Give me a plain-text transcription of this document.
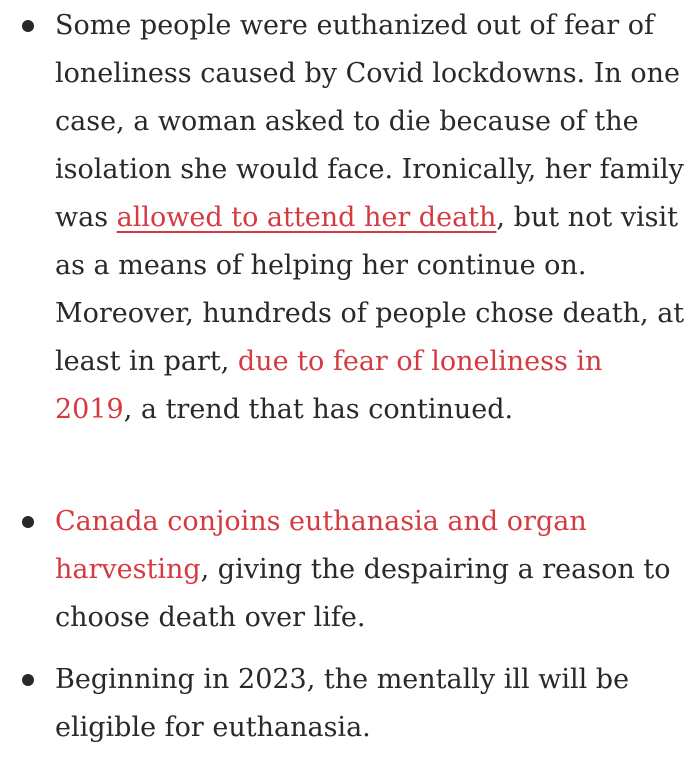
Some people were euthanized out of fear of loneliness caused by Covid lockdowns. In one case, a woman asked to die because of the isolation she would face. Ironically, her family was allowed to attend her death, but not visit as a means of helping her continue on. Moreover, hundreds of people chose death, at least in part, due to fear of loneliness in 2019, a trend that has continued.
Canada conjoins euthanasia and organ harvesting, giving the despairing a reason to choose death over life.
Beginning in 2023, the mentally ill will be eligible for euthanasia.
